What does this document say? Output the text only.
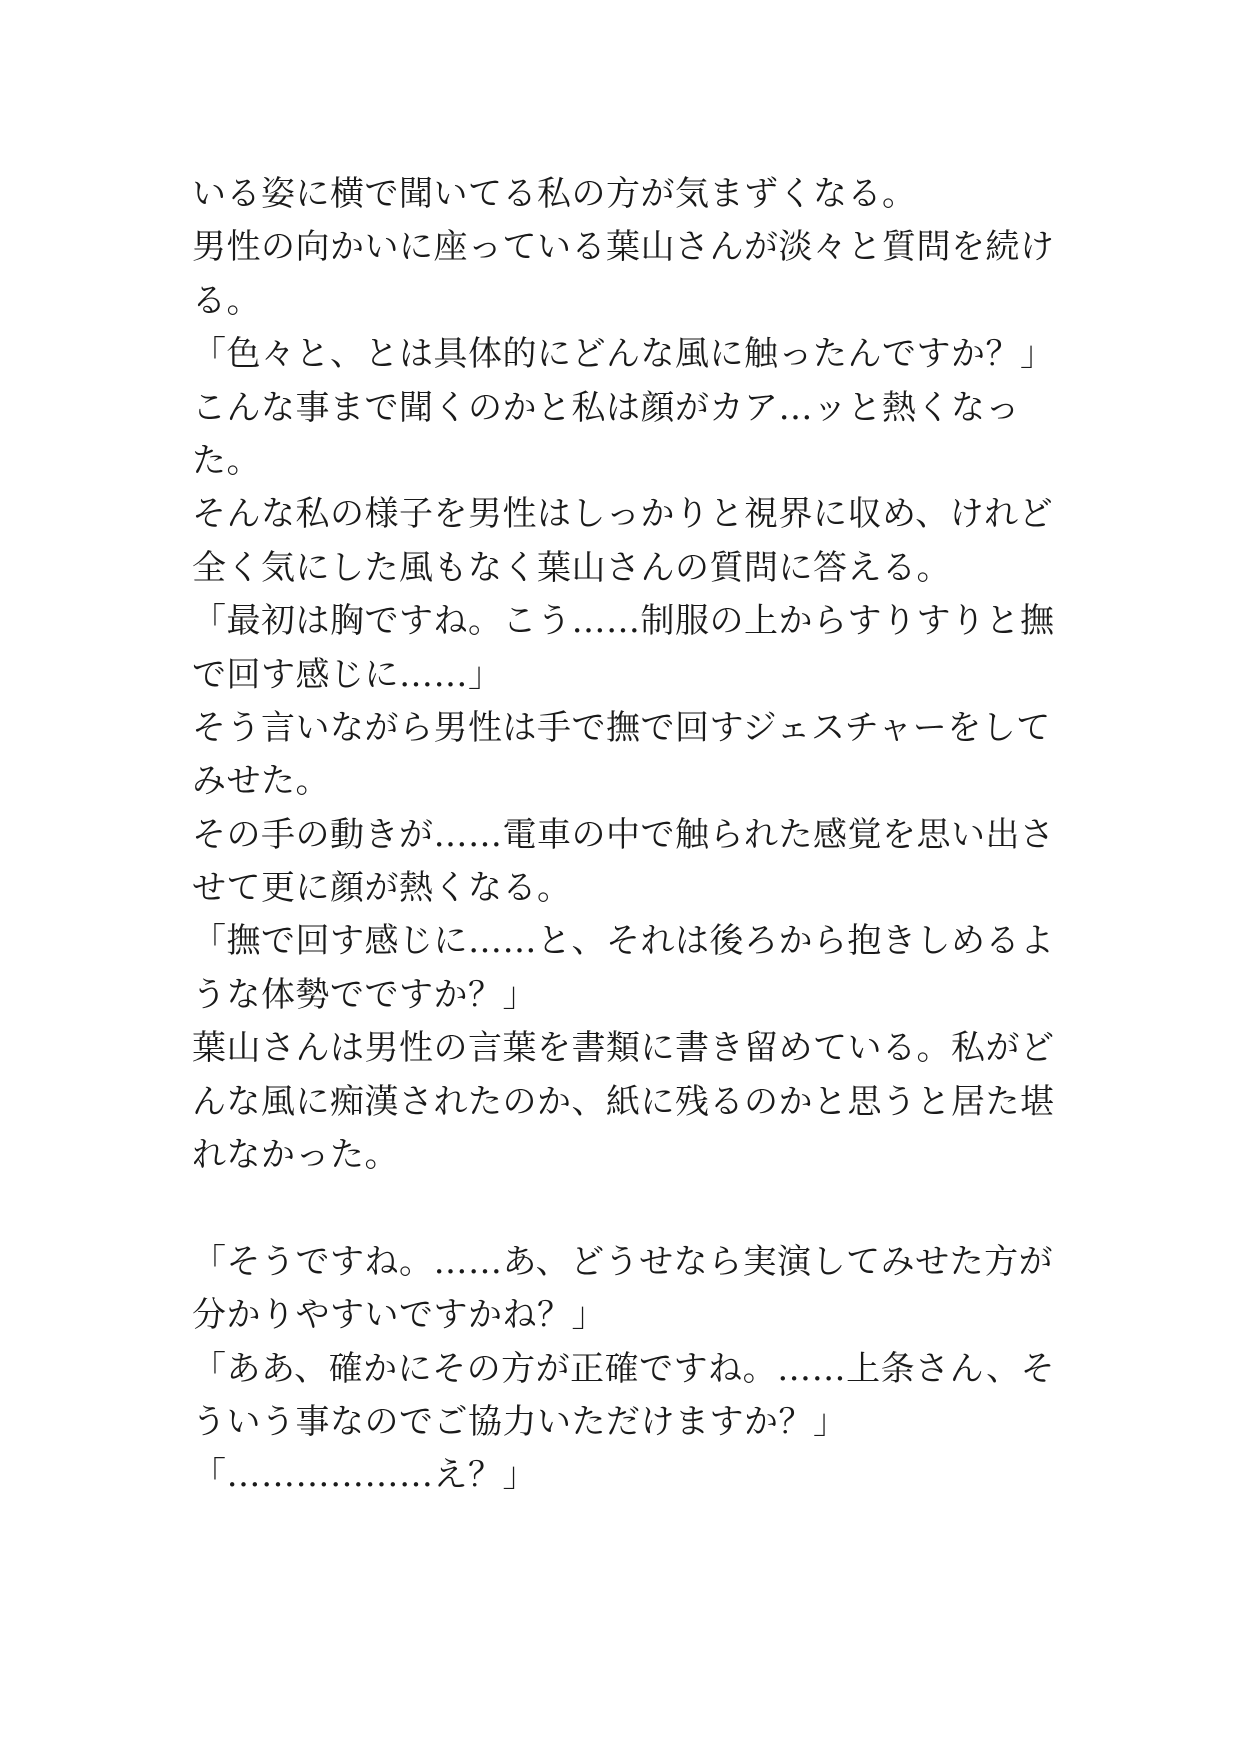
いる姿に横で聞いてる私の方が気まずくなる。
男性の向かいに座っている葉山さんが淡々と質問を続け
る。
「色々と、とは具体的にどんな風に触ったんですか？」
こんな事まで聞くのかと私は顔がカア…ッと熱くなっ
た。
そんな私の様子を男性はしっかりと視界に収め、けれど
全く気にした風もなく葉山さんの質問に答える。
「最初は胸ですね。こう……制服の上からすりすりと撫
で回す感じに……」
そう言いながら男性は手で撫で回すジェスチャーをして
みせた。
その手の動きが……電車の中で触られた感覚を思い出さ
せて更に顔が熱くなる。
「撫で回す感じに……と、それは後ろから抱きしめるよ
うな体勢でですか？」
葉山さんは男性の言葉を書類に書き留めている。私がど
んな風に痴漢されたのか、紙に残るのかと思うと居た堪
れなかった。
「そうですね。……あ、どうせなら実演してみせた方が
分かりやすいですかね？」
「ああ、確かにその方が正確ですね。……上条さん、そ
ういう事なのでご協力いただけますか？」
「………………え？」
